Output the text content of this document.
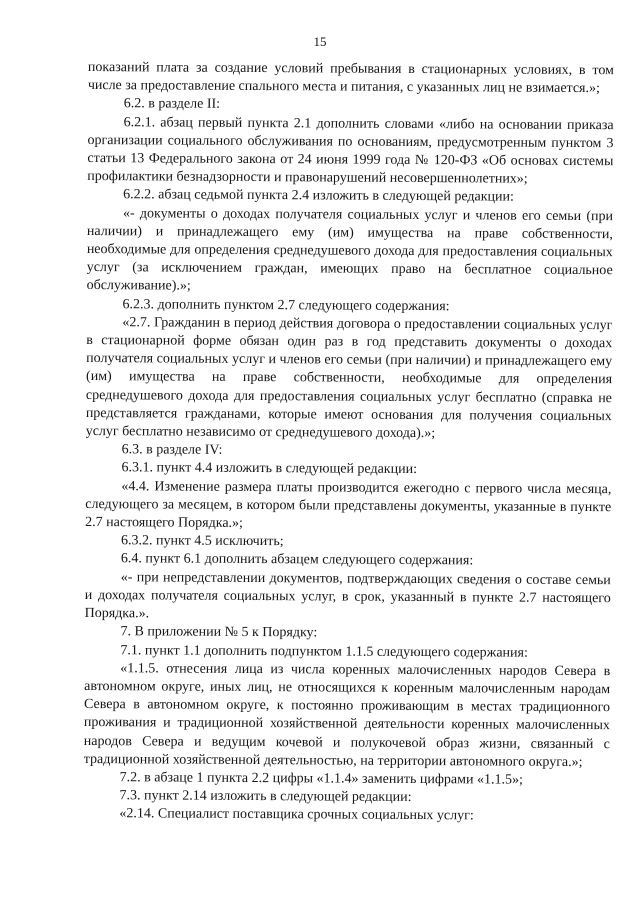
15

показаний плата за создание условий пребывания в стационарных условиях, в том числе за предоставление спального места и питания, с указанных лиц не взимается.»;

6.2. в разделе II:

6.2.1. абзац первый пункта 2.1 дополнить словами «либо на основании приказа организации социального обслуживания по основаниям, предусмотренным пунктом 3 статьи 13 Федерального закона от 24 июня 1999 года № 120-ФЗ «Об основах системы профилактики безнадзорности и правонарушений несовершеннолетних»;

6.2.2. абзац седьмой пункта 2.4 изложить в следующей редакции:

«- документы о доходах получателя социальных услуг и членов его семьи (при наличии) и принадлежащего ему (им) имущества на праве собственности, необходимые для определения среднедушевого дохода для предоставления социальных услуг (за исключением граждан, имеющих право на бесплатное социальное обслуживание).»;

6.2.3. дополнить пунктом 2.7 следующего содержания:

«2.7. Гражданин в период действия договора о предоставлении социальных услуг в стационарной форме обязан один раз в год представить документы о доходах получателя социальных услуг и членов его семьи (при наличии) и принадлежащего ему (им) имущества на праве собственности, необходимые для определения среднедушевого дохода для предоставления социальных услуг бесплатно (справка не представляется гражданами, которые имеют основания для получения социальных услуг бесплатно независимо от среднедушевого дохода).»;

6.3. в разделе IV:

6.3.1. пункт 4.4 изложить в следующей редакции:

«4.4. Изменение размера платы производится ежегодно с первого числа месяца, следующего за месяцем, в котором были представлены документы, указанные в пункте 2.7 настоящего Порядка.»;

6.3.2. пункт 4.5 исключить;

6.4. пункт 6.1 дополнить абзацем следующего содержания:

«- при непредставлении документов, подтверждающих сведения о составе семьи и доходах получателя социальных услуг, в срок, указанный в пункте 2.7 настоящего Порядка.».

7. В приложении № 5 к Порядку:

7.1. пункт 1.1 дополнить подпунктом 1.1.5 следующего содержания:

«1.1.5. отнесения лица из числа коренных малочисленных народов Севера в автономном округе, иных лиц, не относящихся к коренным малочисленным народам Севера в автономном округе, к постоянно проживающим в местах традиционного проживания и традиционной хозяйственной деятельности коренных малочисленных народов Севера и ведущим кочевой и полукочевой образ жизни, связанный с традиционной хозяйственной деятельностью, на территории автономного округа.»;

7.2. в абзаце 1 пункта 2.2 цифры «1.1.4» заменить цифрами «1.1.5»;

7.3. пункт 2.14 изложить в следующей редакции:

«2.14. Специалист поставщика срочных социальных услуг:
